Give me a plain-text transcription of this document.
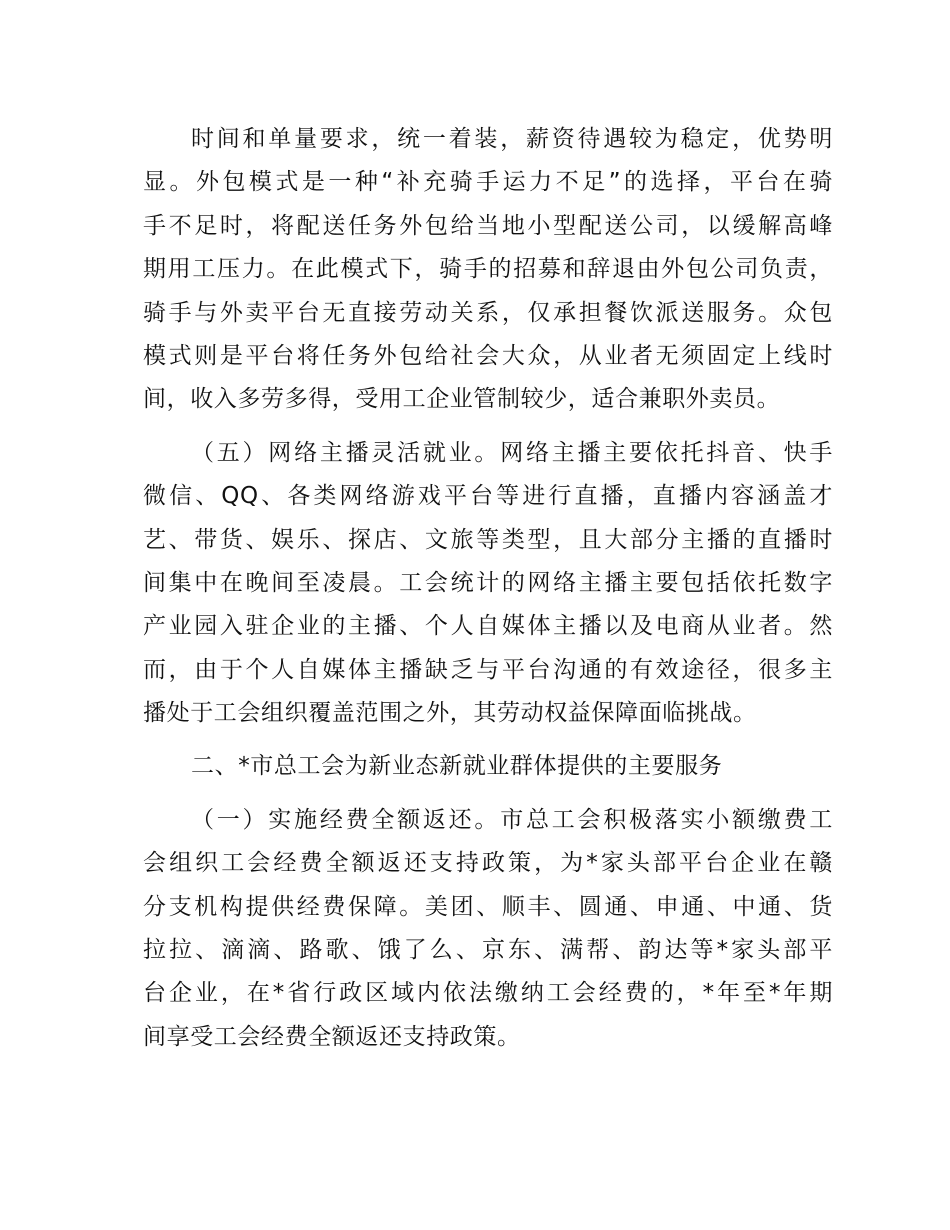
时间和单量要求，统一着装，薪资待遇较为稳定，优势明
显。外包模式是一种“补充骑手运力不足”的选择，平台在骑
手不足时，将配送任务外包给当地小型配送公司，以缓解高峰
期用工压力。在此模式下，骑手的招募和辞退由外包公司负责，
骑手与外卖平台无直接劳动关系，仅承担餐饮派送服务。众包
模式则是平台将任务外包给社会大众，从业者无须固定上线时
间，收入多劳多得，受用工企业管制较少，适合兼职外卖员。
（五）网络主播灵活就业。网络主播主要依托抖音、快手
微信、QQ、各类网络游戏平台等进行直播，直播内容涵盖才
艺、带货、娱乐、探店、文旅等类型，且大部分主播的直播时
间集中在晚间至凌晨。工会统计的网络主播主要包括依托数字
产业园入驻企业的主播、个人自媒体主播以及电商从业者。然
而，由于个人自媒体主播缺乏与平台沟通的有效途径，很多主
播处于工会组织覆盖范围之外，其劳动权益保障面临挑战。
二、*市总工会为新业态新就业群体提供的主要服务
（一）实施经费全额返还。市总工会积极落实小额缴费工
会组织工会经费全额返还支持政策，为*家头部平台企业在赣
分支机构提供经费保障。美团、顺丰、圆通、申通、中通、货
拉拉、滴滴、路歌、饿了么、京东、满帮、韵达等*家头部平
台企业，在*省行政区域内依法缴纳工会经费的，*年至*年期
间享受工会经费全额返还支持政策。
